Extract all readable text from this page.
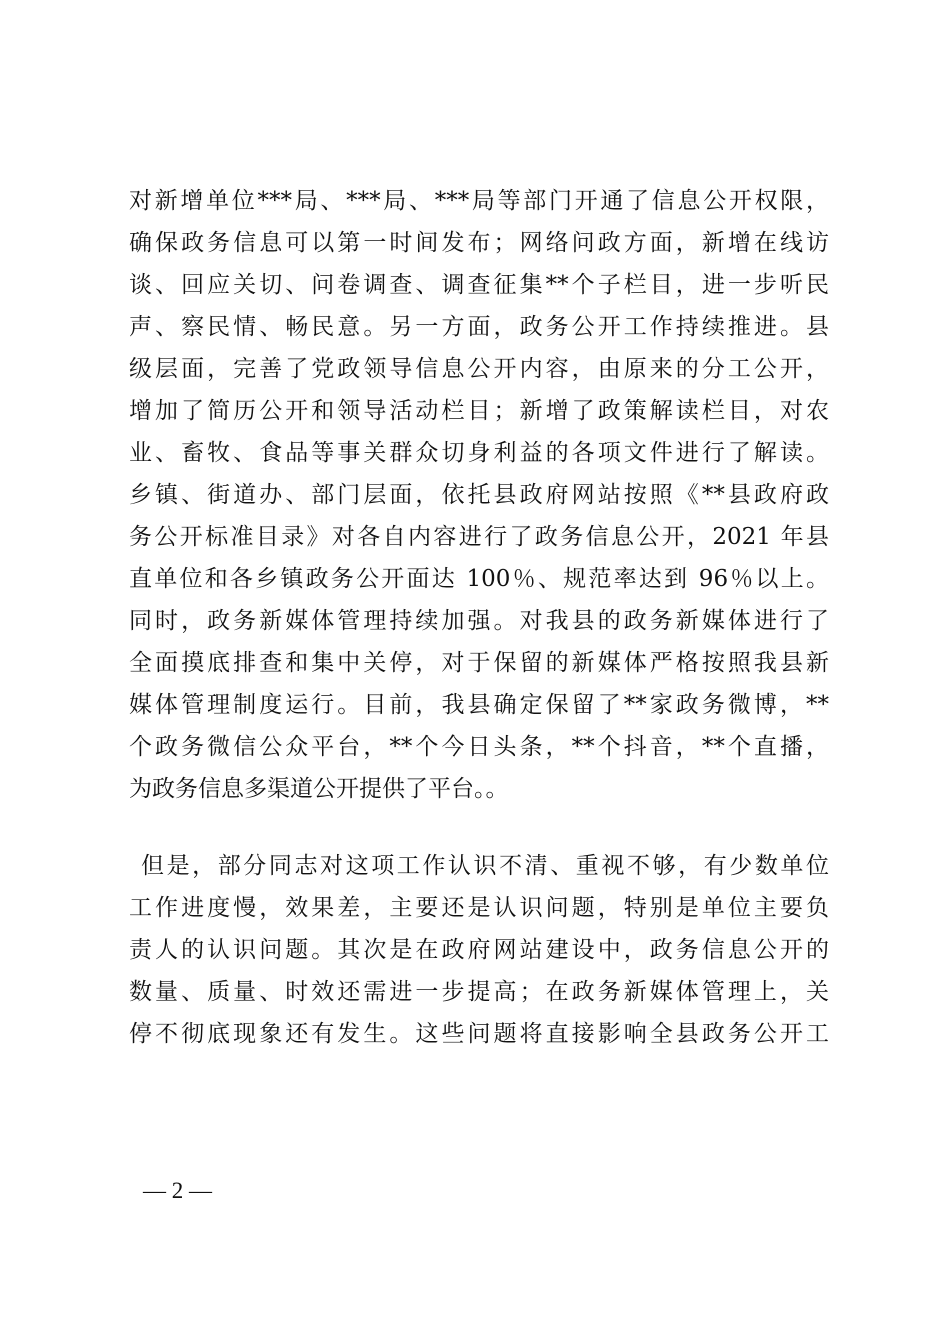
对新增单位***局、***局、***局等部门开通了信息公开权限，
确保政务信息可以第一时间发布；网络问政方面，新增在线访
谈、回应关切、问卷调查、调查征集**个子栏目，进一步听民
声、察民情、畅民意。另一方面，政务公开工作持续推进。县
级层面，完善了党政领导信息公开内容，由原来的分工公开，
增加了简历公开和领导活动栏目；新增了政策解读栏目，对农
业、畜牧、食品等事关群众切身利益的各项文件进行了解读。
乡镇、街道办、部门层面，依托县政府网站按照《**县政府政
务公开标准目录》对各自内容进行了政务信息公开，2021 年县
直单位和各乡镇政务公开面达 100％、规范率达到 96％以上。
同时，政务新媒体管理持续加强。对我县的政务新媒体进行了
全面摸底排查和集中关停，对于保留的新媒体严格按照我县新
媒体管理制度运行。目前，我县确定保留了**家政务微博，**
个政务微信公众平台，**个今日头条，**个抖音，**个直播，
为政务信息多渠道公开提供了平台。。
但是，部分同志对这项工作认识不清、重视不够，有少数单位
工作进度慢，效果差，主要还是认识问题，特别是单位主要负
责人的认识问题。其次是在政府网站建设中，政务信息公开的
数量、质量、时效还需进一步提高；在政务新媒体管理上，关
停不彻底现象还有发生。这些问题将直接影响全县政务公开工
— 2 —
